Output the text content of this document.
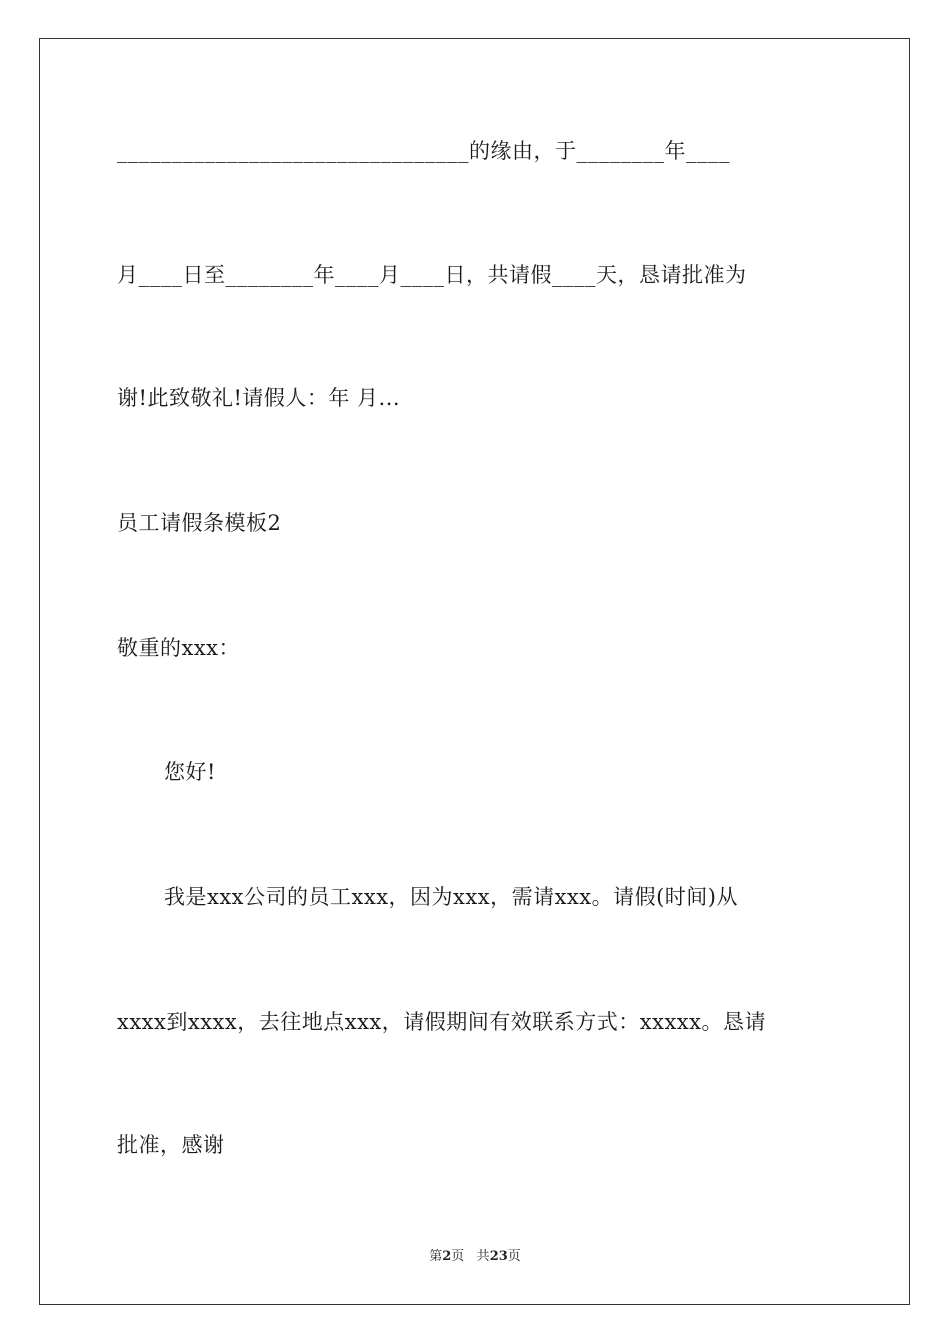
________________________________的缘由，于________年____
月____日至________年____月____日，共请假____天，恳请批准为
谢!此致敬礼!请假人：年 月...
员工请假条模板2
敬重的xxx：
您好!
我是xxx公司的员工xxx，因为xxx，需请xxx。请假(时间)从
xxxx到xxxx，去往地点xxx，请假期间有效联系方式：xxxxx。恳请
批准，感谢
第2页 共23页
